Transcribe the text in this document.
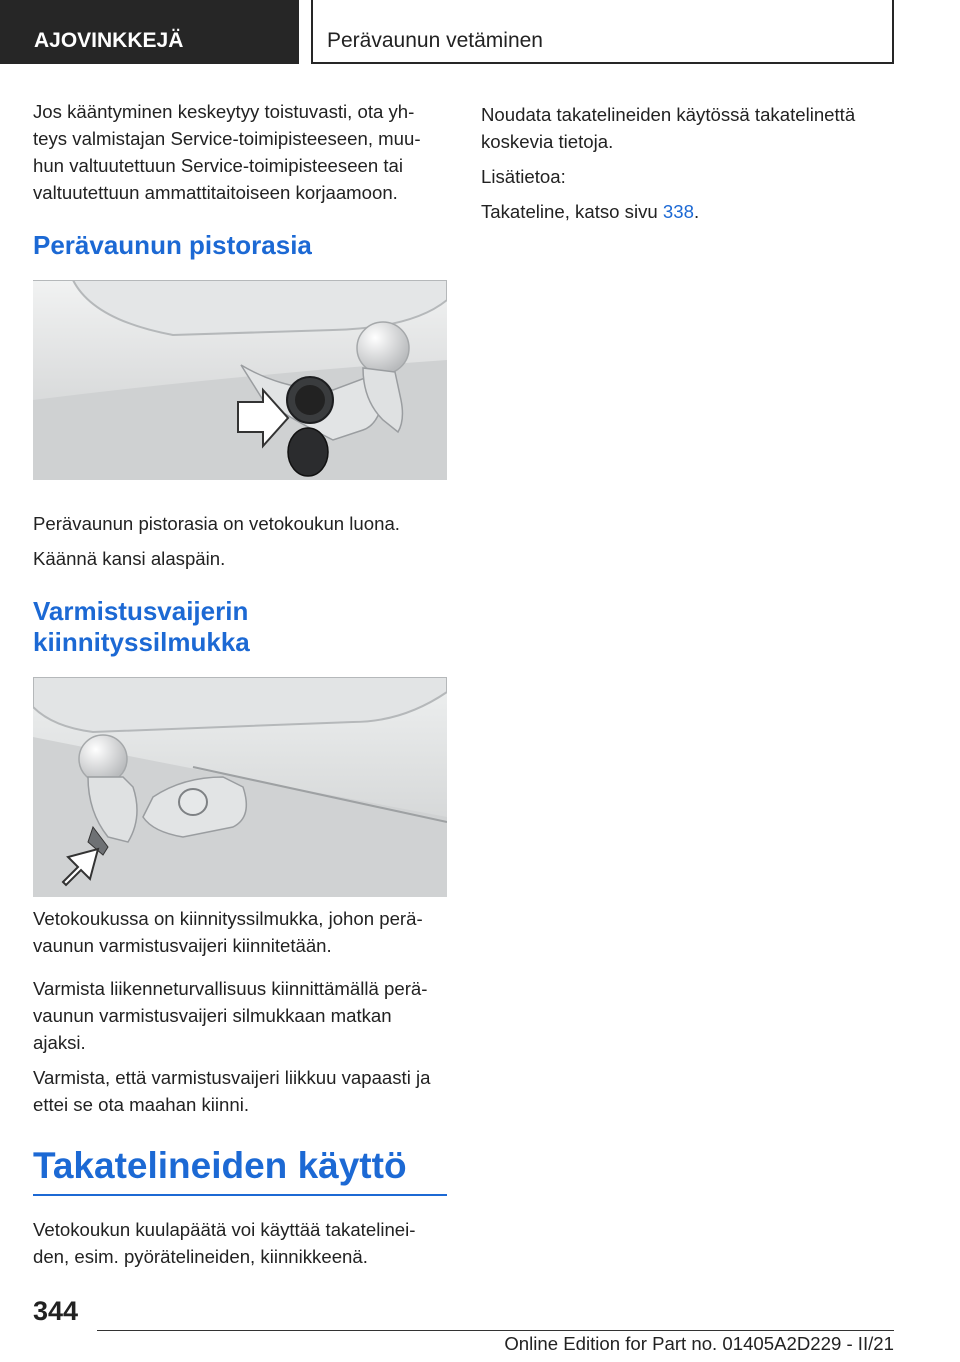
AJOVINKKEJÄ	Perävaunun vetäminen

Jos kääntyminen keskeytyy toistuvasti, ota yh-

teys valmistajan Service-toimipisteeseen, muu-

hun valtuutettuun Service-toimipisteeseen tai

valtuutettuun ammattitaitoiseen korjaamoon.

Perävaunun pistorasia

Perävaunun pistorasia on vetokoukun luona.

Käännä kansi alaspäin.

Varmistusvaijerin
kiinnityssilmukka

Vetokoukussa on kiinnityssilmukka, johon perä-

vaunun varmistusvaijeri kiinnitetään.

Varmista liikenneturvallisuus kiinnittämällä perä-

vaunun varmistusvaijeri silmukkaan matkan

ajaksi.

Varmista, että varmistusvaijeri liikkuu vapaasti ja

ettei se ota maahan kiinni.

Takatelineiden käyttö

Vetokoukun kuulapäätä voi käyttää takatelinei-

den, esim. pyörätelineiden, kiinnikkeenä.

Noudata takatelineiden käytössä takatelinettä

koskevia tietoja.

Lisätietoa:

Takateline, katso sivu 338.

344
Online Edition for Part no. 01405A2D229 - II/21
